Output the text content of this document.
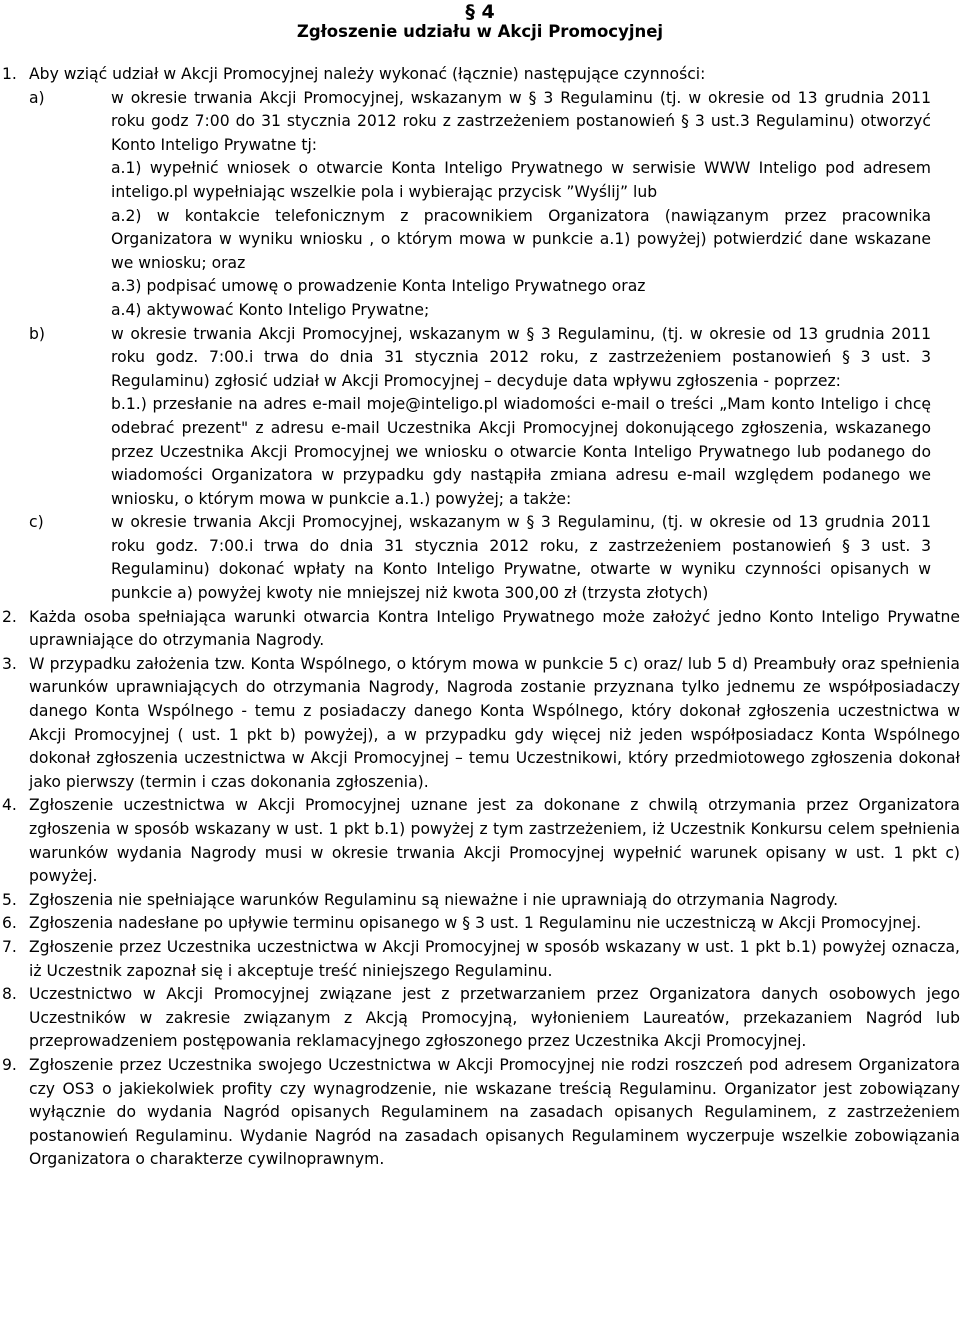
§ 4
Zgłoszenie udziału w Akcji Promocyjnej
1. Aby wziąć udział w Akcji Promocyjnej należy wykonać (łącznie) następujące czynności:

a)	w okresie trwania Akcji Promocyjnej, wskazanym w § 3 Regulaminu (tj. w okresie od 13 grudnia 2011 roku godz 7:00 do 31 stycznia 2012 roku z zastrzeżeniem postanowień § 3 ust.3 Regulaminu) otworzyć Konto Inteligo Prywatne tj:

a.1) wypełnić wniosek o otwarcie Konta Inteligo Prywatnego w serwisie WWW Inteligo pod adresem inteligo.pl wypełniając wszelkie pola i wybierając przycisk ”Wyślij” lub

a.2) w kontakcie telefonicznym z pracownikiem Organizatora (nawiązanym przez pracownika Organizatora w wyniku wniosku , o którym mowa w punkcie a.1) powyżej) potwierdzić dane wskazane we wniosku; oraz

a.3) podpisać umowę o prowadzenie Konta Inteligo Prywatnego oraz

a.4) aktywować Konto Inteligo Prywatne;

b)	w okresie trwania Akcji Promocyjnej, wskazanym w § 3 Regulaminu, (tj. w okresie od 13 grudnia 2011 roku godz. 7:00.i trwa do dnia 31 stycznia 2012 roku, z zastrzeżeniem postanowień § 3 ust. 3 Regulaminu) zgłosić udział w Akcji Promocyjnej – decyduje data wpływu zgłoszenia - poprzez:

b.1.) przesłanie na adres e-mail moje@inteligo.pl wiadomości e-mail o treści „Mam konto Inteligo i chcę odebrać prezent" z adresu e-mail Uczestnika Akcji Promocyjnej dokonującego zgłoszenia, wskazanego przez Uczestnika Akcji Promocyjnej we wniosku o otwarcie Konta Inteligo Prywatnego lub podanego do wiadomości Organizatora w przypadku gdy nastąpiła zmiana adresu e-mail względem podanego we wniosku, o którym mowa w punkcie a.1.) powyżej; a także:

c)	w okresie trwania Akcji Promocyjnej, wskazanym w § 3 Regulaminu, (tj. w okresie od 13 grudnia 2011 roku godz. 7:00.i trwa do dnia 31 stycznia 2012 roku, z zastrzeżeniem postanowień § 3 ust. 3 Regulaminu) dokonać wpłaty na Konto Inteligo Prywatne, otwarte w wyniku czynności opisanych w punkcie a) powyżej kwoty nie mniejszej niż kwota 300,00 zł (trzysta złotych)

2. Każda osoba spełniająca warunki otwarcia Kontra Inteligo Prywatnego może założyć jedno Konto Inteligo Prywatne uprawniające do otrzymania Nagrody.

3. W przypadku założenia tzw. Konta Wspólnego, o którym mowa w punkcie 5 c) oraz/ lub 5 d) Preambuły oraz spełnienia warunków uprawniających do otrzymania Nagrody, Nagroda zostanie przyznana tylko jednemu ze współposiadaczy danego Konta Wspólnego - temu z posiadaczy danego Konta Wspólnego, który dokonał zgłoszenia uczestnictwa w Akcji Promocyjnej ( ust. 1 pkt b) powyżej), a w przypadku gdy więcej niż jeden współposiadacz Konta Wspólnego dokonał zgłoszenia uczestnictwa w Akcji Promocyjnej – temu Uczestnikowi, który przedmiotowego zgłoszenia dokonał jako pierwszy (termin i czas dokonania zgłoszenia).

4. Zgłoszenie uczestnictwa w Akcji Promocyjnej uznane jest za dokonane z chwilą otrzymania przez Organizatora zgłoszenia w sposób wskazany w ust. 1 pkt b.1) powyżej z tym zastrzeżeniem, iż Uczestnik Konkursu celem spełnienia warunków wydania Nagrody musi w okresie trwania Akcji Promocyjnej wypełnić warunek opisany w ust. 1 pkt c) powyżej.

5. Zgłoszenia nie spełniające warunków Regulaminu są nieważne i nie uprawniają do otrzymania Nagrody.

6. Zgłoszenia nadesłane po upływie terminu opisanego w § 3 ust. 1 Regulaminu nie uczestniczą w Akcji Promocyjnej.

7. Zgłoszenie przez Uczestnika uczestnictwa w Akcji Promocyjnej w sposób wskazany w ust. 1 pkt b.1) powyżej oznacza, iż Uczestnik zapoznał się i akceptuje treść niniejszego Regulaminu.

8. Uczestnictwo w Akcji Promocyjnej związane jest z przetwarzaniem przez Organizatora danych osobowych jego Uczestników w zakresie związanym z Akcją Promocyjną, wyłonieniem Laureatów, przekazaniem Nagród lub przeprowadzeniem postępowania reklamacyjnego zgłoszonego przez Uczestnika Akcji Promocyjnej.

9. Zgłoszenie przez Uczestnika swojego Uczestnictwa w Akcji Promocyjnej nie rodzi roszczeń pod adresem Organizatora czy OS3 o jakiekolwiek profity czy wynagrodzenie, nie wskazane treścią Regulaminu. Organizator jest zobowiązany wyłącznie do wydania Nagród opisanych Regulaminem na zasadach opisanych Regulaminem, z zastrzeżeniem postanowień Regulaminu. Wydanie Nagród na zasadach opisanych Regulaminem wyczerpuje wszelkie zobowiązania Organizatora o charakterze cywilnoprawnym.
